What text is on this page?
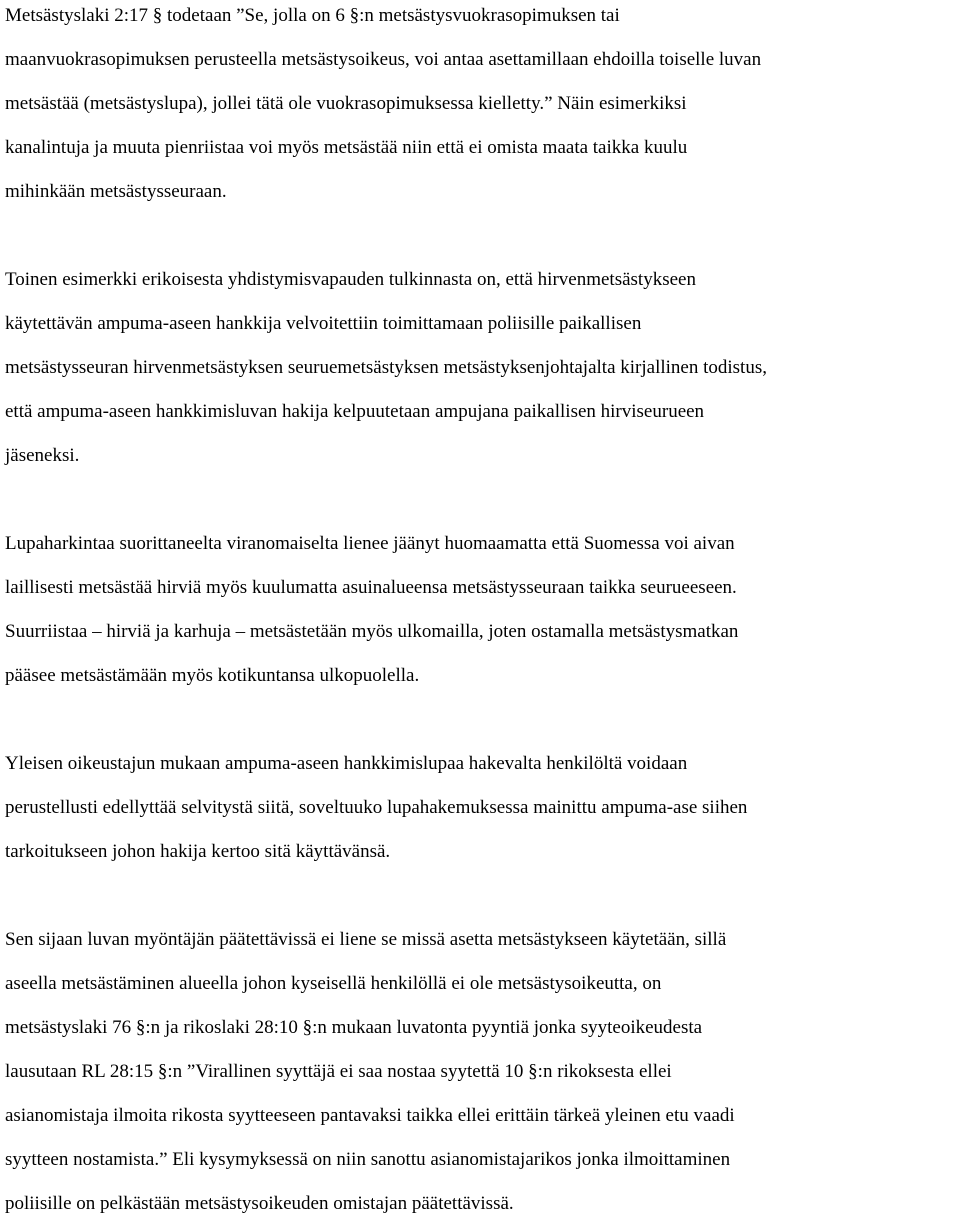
Metsästyslaki 2:17 § todetaan ”Se, jolla on 6 §:n metsästysvuokrasopimuksen tai
maanvuokrasopimuksen perusteella metsästysoikeus, voi antaa asettamillaan ehdoilla toiselle luvan
metsästää (metsästyslupa), jollei tätä ole vuokrasopimuksessa kielletty.” Näin esimerkiksi
kanalintuja ja muuta pienriistaa voi myös metsästää niin että ei omista maata taikka kuulu
mihinkään metsästysseuraan.
Toinen esimerkki erikoisesta yhdistymisvapauden tulkinnasta on, että hirvenmetsästykseen
käytettävän ampuma-aseen hankkija velvoitettiin toimittamaan poliisille paikallisen
metsästysseuran hirvenmetsästyksen seuruemetsästyksen metsästyksenjohtajalta kirjallinen todistus,
että ampuma-aseen hankkimisluvan hakija kelpuutetaan ampujana paikallisen hirviseurueen
jäseneksi.
Lupaharkintaa suorittaneelta viranomaiselta lienee jäänyt huomaamatta että Suomessa voi aivan
laillisesti metsästää hirviä myös kuulumatta asuinalueensa metsästysseuraan taikka seurueeseen.
Suurriistaa – hirviä ja karhuja – metsästetään myös ulkomailla, joten ostamalla metsästysmatkan
pääsee metsästämään myös kotikuntansa ulkopuolella.
Yleisen oikeustajun mukaan ampuma-aseen hankkimislupaa hakevalta henkilöltä voidaan
perustellusti edellyttää selvitystä siitä, soveltuuko lupahakemuksessa mainittu ampuma-ase siihen
tarkoitukseen johon hakija kertoo sitä käyttävänsä.
Sen sijaan luvan myöntäjän päätettävissä ei liene se missä asetta metsästykseen käytetään, sillä
aseella metsästäminen alueella johon kyseisellä henkilöllä ei ole metsästysoikeutta, on
metsästyslaki 76 §:n ja rikoslaki 28:10 §:n mukaan luvatonta pyyntiä jonka syyteoikeudesta
lausutaan RL 28:15 §:n ”Virallinen syyttäjä ei saa nostaa syytettä 10 §:n rikoksesta ellei
asianomistaja ilmoita rikosta syytteeseen pantavaksi taikka ellei erittäin tärkeä yleinen etu vaadi
syytteen nostamista.” Eli kysymyksessä on niin sanottu asianomistajarikos jonka ilmoittaminen
poliisille on pelkästään metsästysoikeuden omistajan päätettävissä.
